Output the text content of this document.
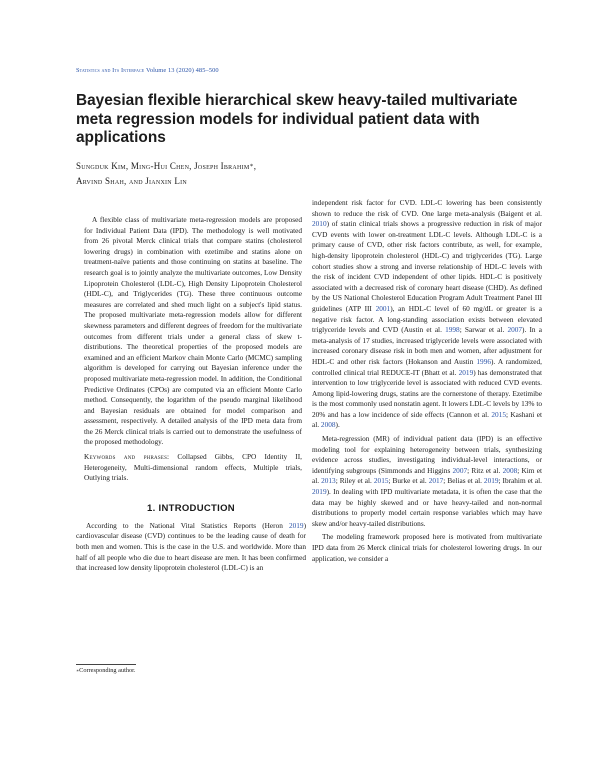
Statistics and Its Interface Volume 13 (2020) 485–500
Bayesian flexible hierarchical skew heavy-tailed multivariate meta regression models for individual patient data with applications
Sungduk Kim, Ming-Hui Chen, Joseph Ibrahim∗,
Arvind Shah, and Jianxin Lin

A flexible class of multivariate meta-regression models are proposed for Individual Patient Data (IPD). The methodology is well motivated from 26 pivotal Merck clinical trials that compare statins (cholesterol lowering drugs) in combination with ezetimibe and statins alone on treatment-naïve patients and those continuing on statins at baseline. The research goal is to jointly analyze the multivariate outcomes, Low Density Lipoprotein Cholesterol (LDL-C), High Density Lipoprotein Cholesterol (HDL-C), and Triglycerides (TG). These three continuous outcome measures are correlated and shed much light on a subject's lipid status. The proposed multivariate meta-regression models allow for different skewness parameters and different degrees of freedom for the multivariate outcomes from different trials under a general class of skew t-distributions. The theoretical properties of the proposed models are examined and an efficient Markov chain Monte Carlo (MCMC) sampling algorithm is developed for carrying out Bayesian inference under the proposed multivariate meta-regression model. In addition, the Conditional Predictive Ordinates (CPOs) are computed via an efficient Monte Carlo method. Consequently, the logarithm of the pseudo marginal likelihood and Bayesian residuals are obtained for model comparison and assessment, respectively. A detailed analysis of the IPD meta data from the 26 Merck clinical trials is carried out to demonstrate the usefulness of the proposed methodology.

Keywords and phrases: Collapsed Gibbs, CPO Identity II, Heterogeneity, Multi-dimensional random effects, Multiple trials, Outlying trials.

1. INTRODUCTION

According to the National Vital Statistics Reports (Heron 2019) cardiovascular disease (CVD) continues to be the leading cause of death for both men and women. This is the case in the U.S. and worldwide. More than half of all people who die due to heart disease are men. It has been confirmed that increased low density lipoprotein cholesterol (LDL-C) is an

∗Corresponding author.

independent risk factor for CVD. LDL-C lowering has been consistently shown to reduce the risk of CVD. One large meta-analysis (Baigent et al. 2010) of statin clinical trials shows a progressive reduction in risk of major CVD events with lower on-treatment LDL-C levels. Although LDL-C is a primary cause of CVD, other risk factors contribute, as well, for example, high-density lipoprotein cholesterol (HDL-C) and triglycerides (TG). Large cohort studies show a strong and inverse relationship of HDL-C levels with the risk of incident CVD independent of other lipids. HDL-C is positively associated with a decreased risk of coronary heart disease (CHD). As defined by the US National Cholesterol Education Program Adult Treatment Panel III guidelines (ATP III 2001), an HDL-C level of 60 mg/dL or greater is a negative risk factor. A long-standing association exists between elevated triglyceride levels and CVD (Austin et al. 1998; Sarwar et al. 2007). In a meta-analysis of 17 studies, increased triglyceride levels were associated with increased coronary disease risk in both men and women, after adjustment for HDL-C and other risk factors (Hokanson and Austin 1996). A randomized, controlled clinical trial REDUCE-IT (Bhatt et al. 2019) has demonstrated that intervention to low triglyceride level is associated with reduced CVD events. Among lipid-lowering drugs, statins are the cornerstone of therapy. Ezetimibe is the most commonly used nonstatin agent. It lowers LDL-C levels by 13% to 20% and has a low incidence of side effects (Cannon et al. 2015; Kashani et al. 2008).

Meta-regression (MR) of individual patient data (IPD) is an effective modeling tool for explaining heterogeneity between trials, synthesizing evidence across studies, investigating individual-level interactions, or identifying subgroups (Simmonds and Higgins 2007; Ritz et al. 2008; Kim et al. 2013; Riley et al. 2015; Burke et al. 2017; Belias et al. 2019; Ibrahim et al. 2019). In dealing with IPD multivariate metadata, it is often the case that the data may be highly skewed and or have heavy-tailed and non-normal distributions to properly model certain response variables which may have skew and/or heavy-tailed distributions.

The modeling framework proposed here is motivated from multivariate IPD data from 26 Merck clinical trials for cholesterol lowering drugs. In our application, we consider a
